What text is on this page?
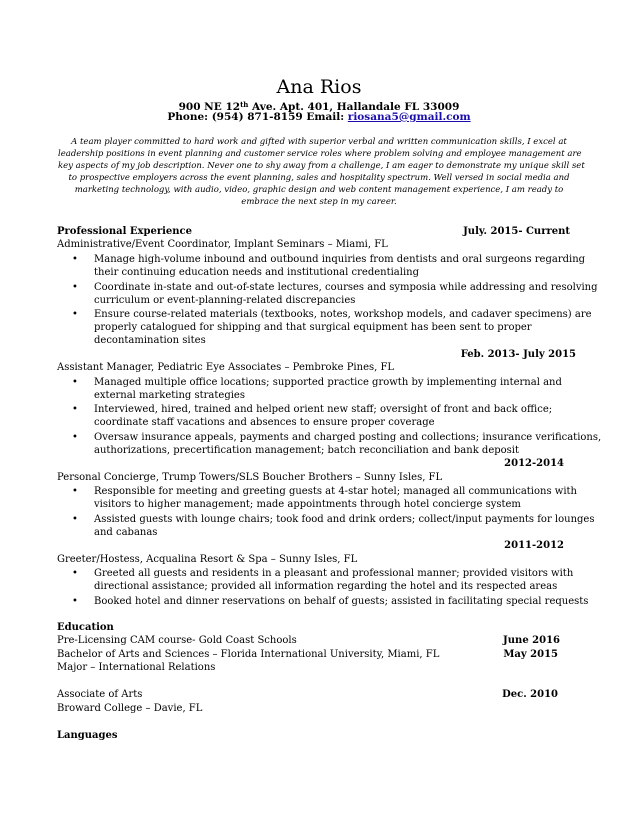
Ana Rios
900 NE 12th Ave. Apt. 401, Hallandale FL 33009
Phone: (954) 871-8159 Email: riosana5@gmail.com
A team player committed to hard work and gifted with superior verbal and written communication skills, I excel at
leadership positions in event planning and customer service roles where problem solving and employee management are
key aspects of my job description. Never one to shy away from a challenge, I am eager to demonstrate my unique skill set
to prospective employers across the event planning, sales and hospitality spectrum. Well versed in social media and
marketing technology, with audio, video, graphic design and web content management experience, I am ready to
embrace the next step in my career.
Professional Experience	July. 2015- Current
Administrative/Event Coordinator, Implant Seminars – Miami, FL
• Manage high-volume inbound and outbound inquiries from dentists and oral surgeons regarding
their continuing education needs and institutional credentialing
• Coordinate in-state and out-of-state lectures, courses and symposia while addressing and resolving
curriculum or event-planning-related discrepancies
• Ensure course-related materials (textbooks, notes, workshop models, and cadaver specimens) are
properly catalogued for shipping and that surgical equipment has been sent to proper
decontamination sites
Feb. 2013- July 2015
Assistant Manager, Pediatric Eye Associates – Pembroke Pines, FL
• Managed multiple office locations; supported practice growth by implementing internal and
external marketing strategies
• Interviewed, hired, trained and helped orient new staff; oversight of front and back office;
coordinate staff vacations and absences to ensure proper coverage
• Oversaw insurance appeals, payments and charged posting and collections; insurance verifications,
authorizations, precertification management; batch reconciliation and bank deposit
2012-2014
Personal Concierge, Trump Towers/SLS Boucher Brothers – Sunny Isles, FL
• Responsible for meeting and greeting guests at 4-star hotel; managed all communications with
visitors to higher management; made appointments through hotel concierge system
• Assisted guests with lounge chairs; took food and drink orders; collect/input payments for lounges
and cabanas
2011-2012
Greeter/Hostess, Acqualina Resort & Spa – Sunny Isles, FL
• Greeted all guests and residents in a pleasant and professional manner; provided visitors with
directional assistance; provided all information regarding the hotel and its respected areas
• Booked hotel and dinner reservations on behalf of guests; assisted in facilitating special requests
Education
Pre-Licensing CAM course- Gold Coast Schools	June 2016
Bachelor of Arts and Sciences – Florida International University, Miami, FL	May 2015
Major – International Relations
Associate of Arts	Dec. 2010
Broward College – Davie, FL
Languages
